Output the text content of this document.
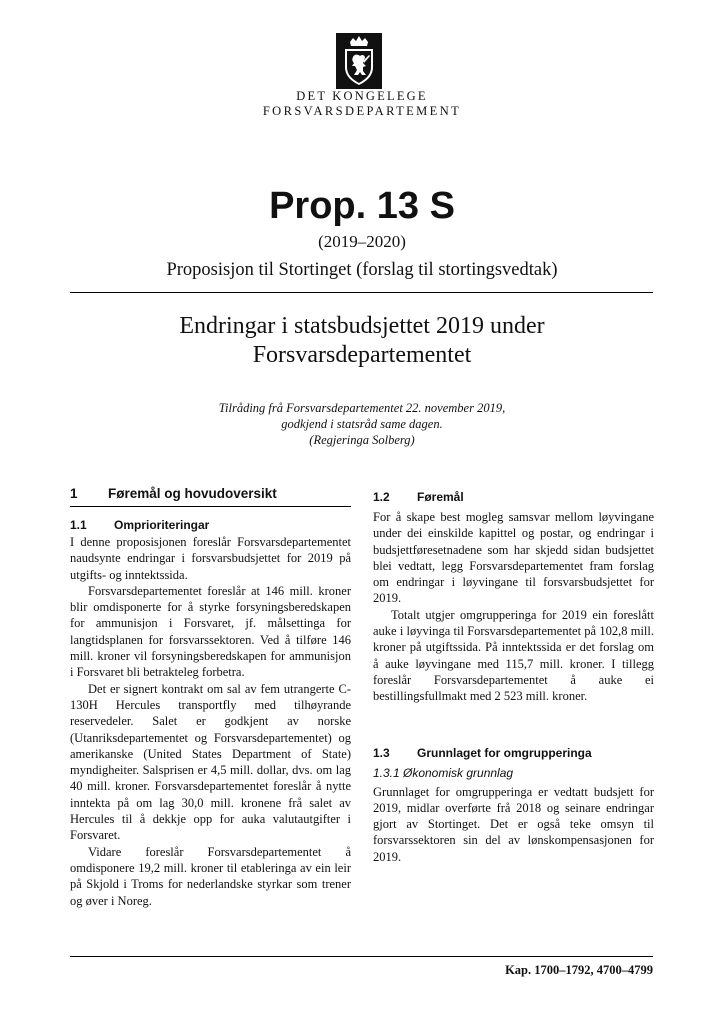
DET KONGELEGE
FORSVARSDEPARTEMENT
Prop. 13 S
(2019–2020)
Proposisjon til Stortinget (forslag til stortingsvedtak)
Endringar i statsbudsjettet 2019 under
Forsvarsdepartementet
Tilråding frå Forsvarsdepartementet 22. november 2019,
godkjend i statsråd same dagen.
(Regjeringa Solberg)
1	Føremål og hovudoversikt
1.1	Omprioriteringar

I denne proposisjonen foreslår Forsvarsdepartementet naudsynte endringar i forsvarsbudsjettet for 2019 på utgifts- og inntektssida.

Forsvarsdepartementet foreslår at 146 mill. kroner blir omdisponerte for å styrke forsyningsberedskapen for ammunisjon i Forsvaret, jf. målsettinga for langtidsplanen for forsvarssektoren. Ved å tilføre 146 mill. kroner vil forsyningsberedskapen for ammunisjon i Forsvaret bli betrakteleg forbetra.

Det er signert kontrakt om sal av fem utrangerte C-130H Hercules transportfly med tilhøyrande reservedeler. Salet er godkjent av norske (Utanriksdepartementet og Forsvarsdepartementet) og amerikanske (United States Department of State) myndigheiter. Salsprisen er 4,5 mill. dollar, dvs. om lag 40 mill. kroner. Forsvarsdepartementet foreslår å nytte inntekta på om lag 30,0 mill. kronene frå salet av Hercules til å dekkje opp for auka valutautgifter i Forsvaret.

Vidare foreslår Forsvarsdepartementet å omdisponere 19,2 mill. kroner til etableringa av ein leir på Skjold i Troms for nederlandske styrkar som trener og øver i Noreg.

1.2	Føremål

For å skape best mogleg samsvar mellom løyvingane under dei einskilde kapittel og postar, og endringar i budsjettføresetnadene som har skjedd sidan budsjettet blei vedtatt, legg Forsvarsdepartementet fram forslag om endringar i løyvingane til forsvarsbudsjettet for 2019.

Totalt utgjer omgrupperinga for 2019 ein foreslått auke i løyvinga til Forsvarsdepartementet på 102,8 mill. kroner på utgiftssida. På inntektssida er det forslag om å auke løyvingane med 115,7 mill. kroner. I tillegg foreslår Forsvarsdepartementet å auke ei bestillingsfullmakt med 2 523 mill. kroner.

1.3	Grunnlaget for omgrupperinga
1.3.1 Økonomisk grunnlag

Grunnlaget for omgrupperinga er vedtatt budsjett for 2019, midlar overførte frå 2018 og seinare endringar gjort av Stortinget. Det er også teke omsyn til forsvarssektoren sin del av lønskompensasjonen for 2019.

Kap. 1700–1792, 4700–4799
